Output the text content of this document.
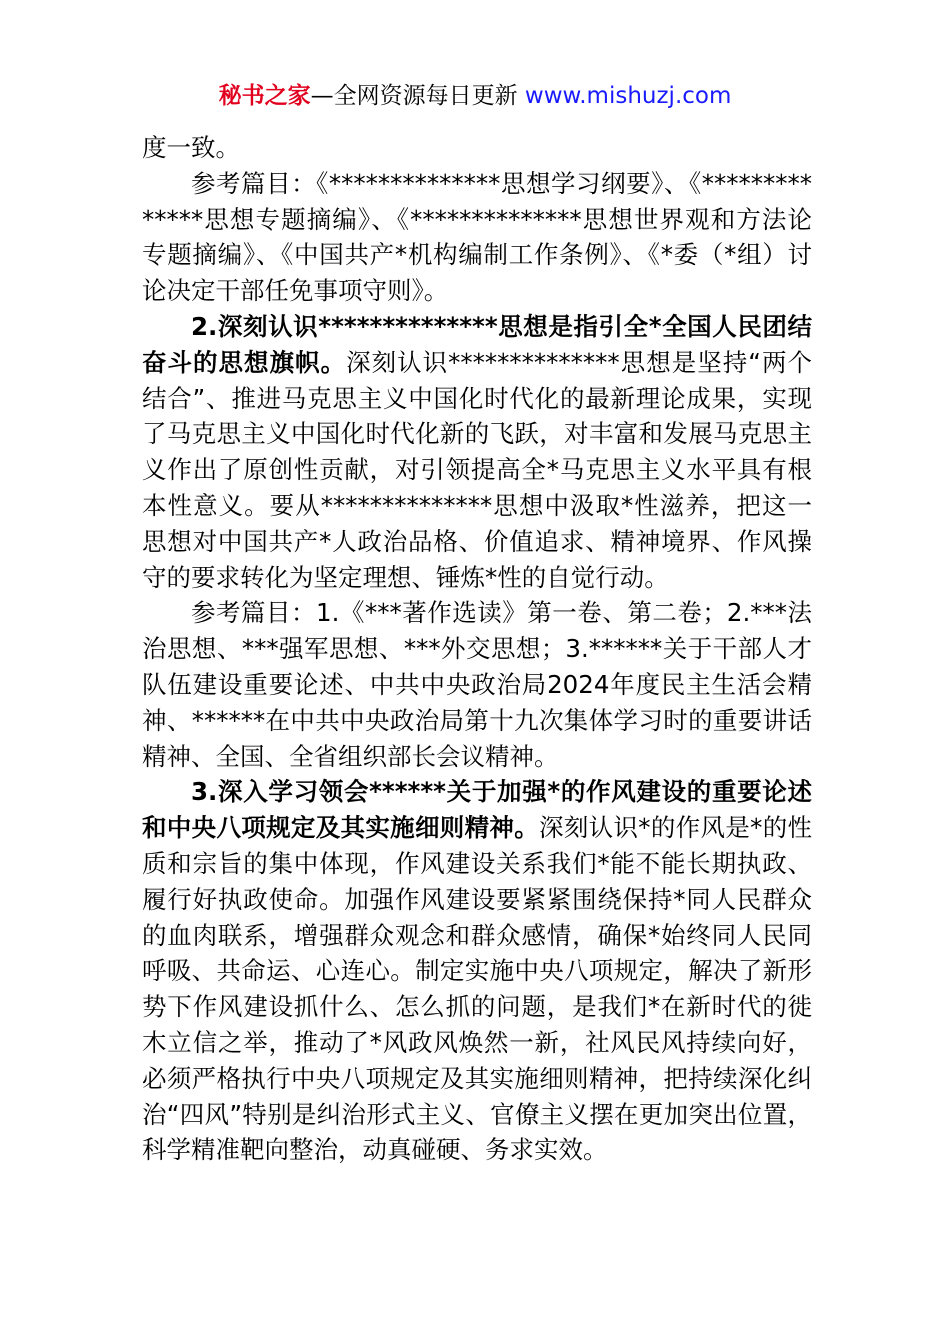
秘书之家—全网资源每日更新 www.mishuzj.com

度一致。

参考篇目：《**************思想学习纲要》、《**************思想专题摘编》、《**************思想世界观和方法论专题摘编》、《中国共产*机构编制工作条例》、《*委（*组）讨论决定干部任免事项守则》。

2.深刻认识**************思想是指引全*全国人民团结奋斗的思想旗帜。深刻认识**************思想是坚持“两个结合”、推进马克思主义中国化时代化的最新理论成果，实现了马克思主义中国化时代化新的飞跃，对丰富和发展马克思主义作出了原创性贡献，对引领提高全*马克思主义水平具有根本性意义。要从**************思想中汲取*性滋养，把这一思想对中国共产*人政治品格、价值追求、精神境界、作风操守的要求转化为坚定理想、锤炼*性的自觉行动。

参考篇目：1.《***著作选读》第一卷、第二卷；2.***法治思想、***强军思想、***外交思想；3.******关于干部人才队伍建设重要论述、中共中央政治局2024年度民主生活会精神、******在中共中央政治局第十九次集体学习时的重要讲话精神、全国、全省组织部长会议精神。

3.深入学习领会******关于加强*的作风建设的重要论述和中央八项规定及其实施细则精神。深刻认识*的作风是*的性质和宗旨的集中体现，作风建设关系我们*能不能长期执政、履行好执政使命。加强作风建设要紧紧围绕保持*同人民群众的血肉联系，增强群众观念和群众感情，确保*始终同人民同呼吸、共命运、心连心。制定实施中央八项规定，解决了新形势下作风建设抓什么、怎么抓的问题，是我们*在新时代的徙木立信之举，推动了*风政风焕然一新，社风民风持续向好，必须严格执行中央八项规定及其实施细则精神，把持续深化纠治“四风”特别是纠治形式主义、官僚主义摆在更加突出位置，科学精准靶向整治，动真碰硬、务求实效。
